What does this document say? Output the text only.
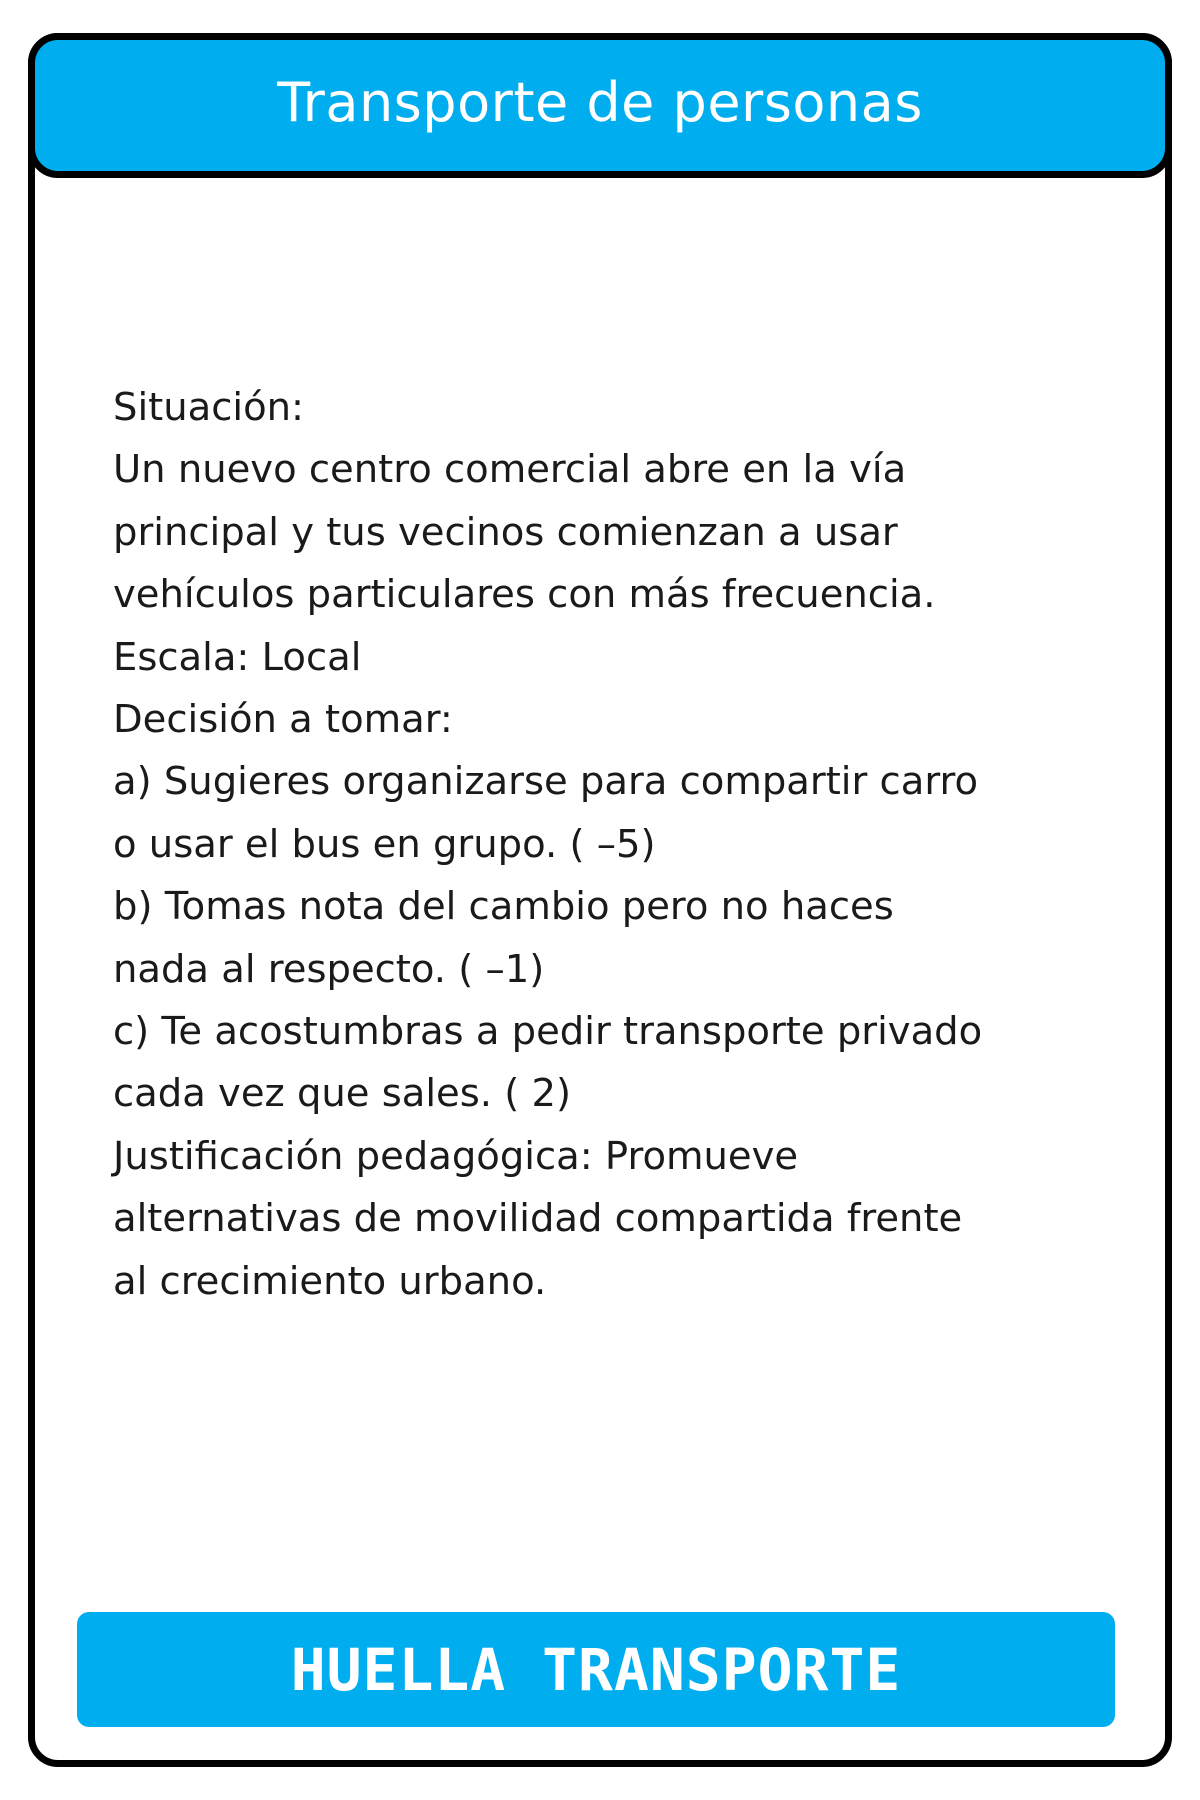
Transporte de personas
Situación:
Un nuevo centro comercial abre en la vía
principal y tus vecinos comienzan a usar
vehículos particulares con más frecuencia.
Escala: Local
Decisión a tomar:
a) Sugieres organizarse para compartir carro
o usar el bus en grupo. ( –5)
b) Tomas nota del cambio pero no haces
nada al respecto. ( –1)
c) Te acostumbras a pedir transporte privado
cada vez que sales. ( 2)
Justificación pedagógica: Promueve
alternativas de movilidad compartida frente
al crecimiento urbano.
HUELLA TRANSPORTE
